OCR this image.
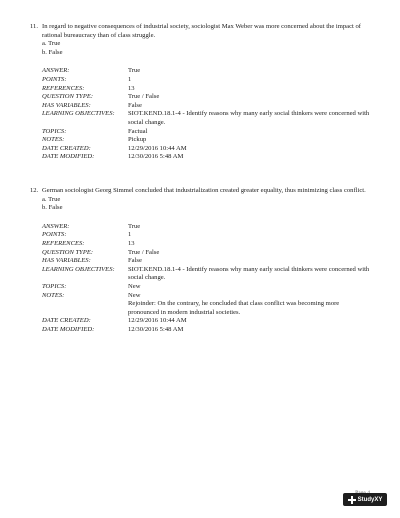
11. In regard to negative consequences of industrial society, sociologist Max Weber was more concerned about the impact of rational bureaucracy than of class struggle.
a. True
b. False
ANSWER:	True
POINTS:	1
REFERENCES:	13
QUESTION TYPE:	True / False
HAS VARIABLES:	False
LEARNING OBJECTIVES:	SIOT.KEND.18.1-4 - Identify reasons why many early social thinkers were concerned with social change.
TOPICS:	Factual
NOTES:	Pickup
DATE CREATED:	12/29/2016 10:44 AM
DATE MODIFIED:	12/30/2016 5:48 AM
12. German sociologist Georg Simmel concluded that industrialization created greater equality, thus minimizing class conflict.
a. True
b. False
ANSWER:	True
POINTS:	1
REFERENCES:	13
QUESTION TYPE:	True / False
HAS VARIABLES:	False
LEARNING OBJECTIVES:	SIOT.KEND.18.1-4 - Identify reasons why many early social thinkers were concerned with social change.
TOPICS:	New
NOTES:	New
Rejoinder: On the contrary, he concluded that class conflict was becoming more pronounced in modern industrial societies.
DATE CREATED:	12/29/2016 10:44 AM
DATE MODIFIED:	12/30/2016 5:48 AM
StudyXY
